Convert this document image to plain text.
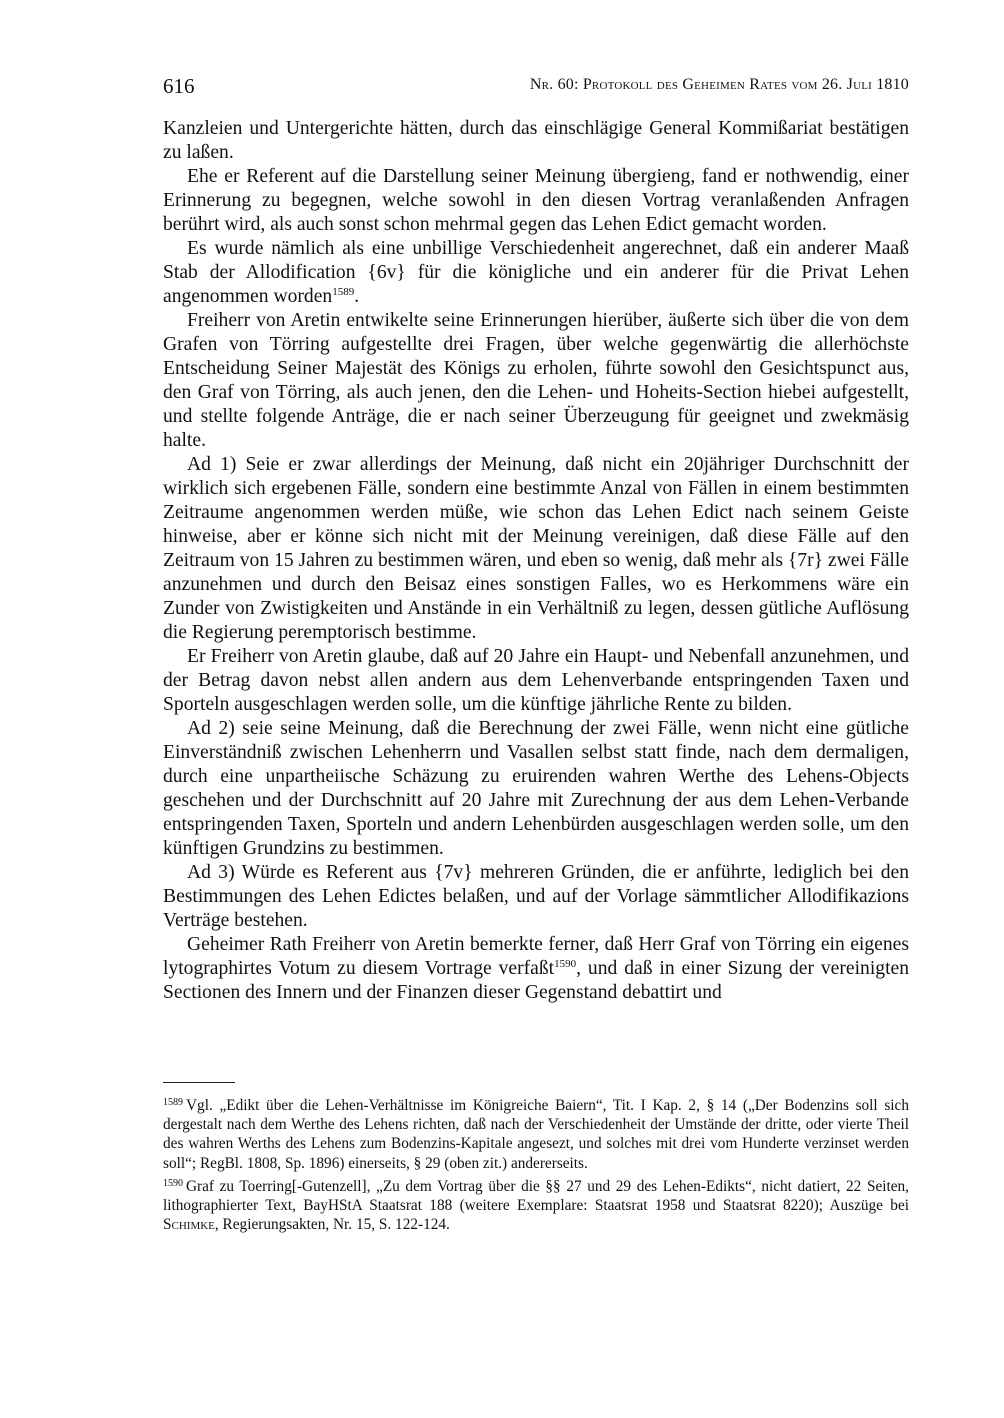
616	Nr. 60: Protokoll des Geheimen Rates vom 26. Juli 1810

Kanzleien und Untergerichte hätten, durch das einschlägige General Kommißariat bestätigen zu laßen.

Ehe er Referent auf die Darstellung seiner Meinung übergieng, fand er nothwendig, einer Erinnerung zu begegnen, welche sowohl in den diesen Vortrag veranlaßenden Anfragen berührt wird, als auch sonst schon mehrmal gegen das Lehen Edict gemacht worden.

Es wurde nämlich als eine unbillige Verschiedenheit angerechnet, daß ein anderer Maaß Stab der Allodification {6v} für die königliche und ein anderer für die Privat Lehen angenommen worden$^{1589}$.

Freiherr von Aretin entwikelte seine Erinnerungen hierüber, äußerte sich über die von dem Grafen von Törring aufgestellte drei Fragen, über welche gegenwärtig die allerhöchste Entscheidung Seiner Majestät des Königs zu erholen, führte sowohl den Gesichtspunct aus, den Graf von Törring, als auch jenen, den die Lehen- und Hoheits-Section hiebei aufgestellt, und stellte folgende Anträge, die er nach seiner Überzeugung für geeignet und zwekmäsig halte.

Ad 1) Seie er zwar allerdings der Meinung, daß nicht ein 20jähriger Durchschnitt der wirklich sich ergebenen Fälle, sondern eine bestimmte Anzal von Fällen in einem bestimmten Zeitraume angenommen werden müße, wie schon das Lehen Edict nach seinem Geiste hinweise, aber er könne sich nicht mit der Meinung vereinigen, daß diese Fälle auf den Zeitraum von 15 Jahren zu bestimmen wären, und eben so wenig, daß mehr als {7r} zwei Fälle anzunehmen und durch den Beisaz eines sonstigen Falles, wo es Herkommens wäre ein Zunder von Zwistigkeiten und Anstände in ein Verhältniß zu legen, dessen gütliche Auflösung die Regierung peremptorisch bestimme.

Er Freiherr von Aretin glaube, daß auf 20 Jahre ein Haupt- und Nebenfall anzunehmen, und der Betrag davon nebst allen andern aus dem Lehenverbande entspringenden Taxen und Sporteln ausgeschlagen werden solle, um die künftige jährliche Rente zu bilden.

Ad 2) seie seine Meinung, daß die Berechnung der zwei Fälle, wenn nicht eine gütliche Einverständniß zwischen Lehenherrn und Vasallen selbst statt finde, nach dem dermaligen, durch eine unpartheiische Schäzung zu eruirenden wahren Werthe des Lehens-Objects geschehen und der Durchschnitt auf 20 Jahre mit Zurechnung der aus dem Lehen-Verbande entspringenden Taxen, Sporteln und andern Lehenbürden ausgeschlagen werden solle, um den künftigen Grundzins zu bestimmen.

Ad 3) Würde es Referent aus {7v} mehreren Gründen, die er anführte, lediglich bei den Bestimmungen des Lehen Edictes belaßen, und auf der Vorlage sämmtlicher Allodifikazions Verträge bestehen.

Geheimer Rath Freiherr von Aretin bemerkte ferner, daß Herr Graf von Törring ein eigenes lytographirtes Votum zu diesem Vortrage verfaßt$^{1590}$, und daß in einer Sizung der vereinigten Sectionen des Innern und der Finanzen dieser Gegenstand debattirt und

$^{1589}$ Vgl. „Edikt über die Lehen-Verhältnisse im Königreiche Baiern“, Tit. I Kap. 2, § 14 („Der Bodenzins soll sich dergestalt nach dem Werthe des Lehens richten, daß nach der Verschiedenheit der Umstände der dritte, oder vierte Theil des wahren Werths des Lehens zum Bodenzins-Kapitale angesezt, und solches mit drei vom Hunderte verzinset werden soll“; RegBl. 1808, Sp. 1896) einerseits, § 29 (oben zit.) andererseits.

$^{1590}$ Graf zu Toerring[-Gutenzell], „Zu dem Vortrag über die §§ 27 und 29 des Lehen-Edikts“, nicht datiert, 22 Seiten, lithographierter Text, BayHStA Staatsrat 188 (weitere Exemplare: Staatsrat 1958 und Staatsrat 8220); Auszüge bei Schimke, Regierungsakten, Nr. 15, S. 122-124.
